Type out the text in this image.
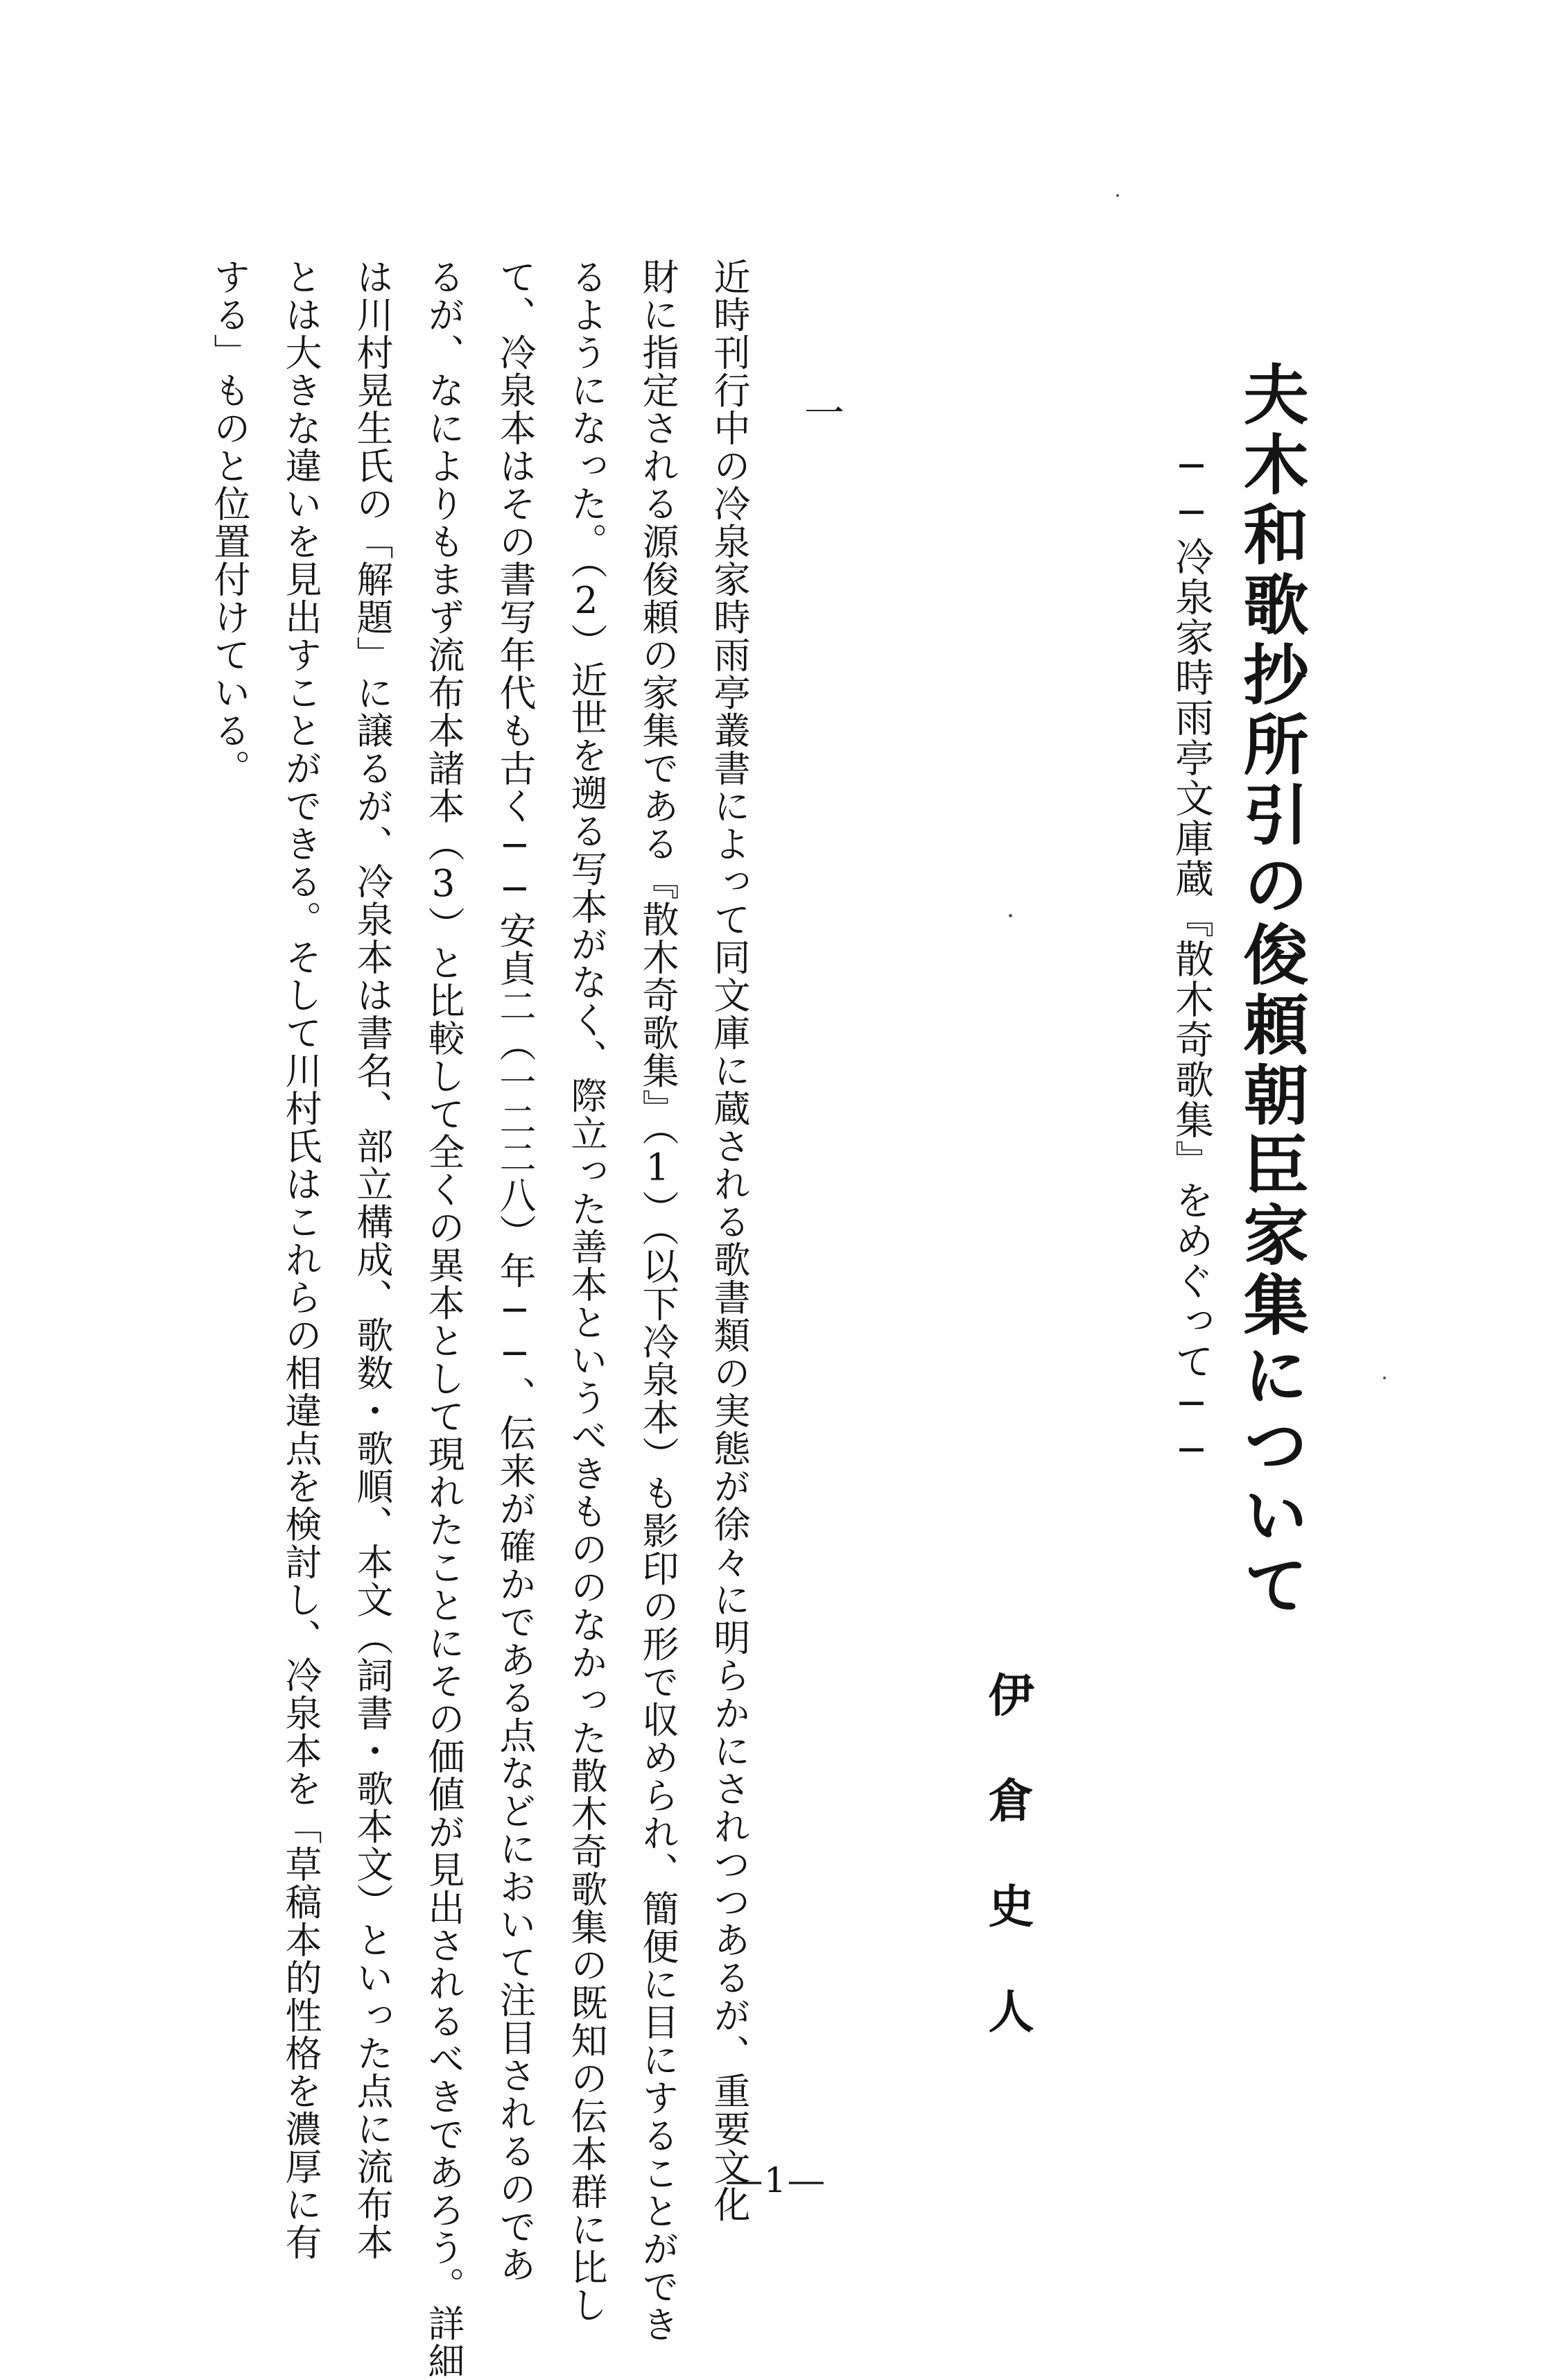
夫木和歌抄所引の俊頼朝臣家集について
──冷泉家時雨亭文庫蔵『散木奇歌集』をめぐって──
伊倉史人
一
近時刊行中の冷泉家時雨亭叢書によって同文庫に蔵される歌書類の実態が徐々に明らかにされつつあるが、重要文化
財に指定される源俊頼の家集である『散木奇歌集』（1）（以下冷泉本）も影印の形で収められ、簡便に目にすることができ
るようになった。（2）近世を遡る写本がなく、際立った善本というべきもののなかった散木奇歌集の既知の伝本群に比し
て、冷泉本はその書写年代も古く──安貞二（一二二八）年──、伝来が確かである点などにおいて注目されるのであ
るが、なによりもまず流布本諸本（3）と比較して全くの異本として現れたことにその価値が見出されるべきであろう。詳細
は川村晃生氏の「解題」に譲るが、冷泉本は書名、部立構成、歌数・歌順、本文（詞書・歌本文）といった点に流布本
とは大きな違いを見出すことができる。そして川村氏はこれらの相違点を検討し、冷泉本を「草稿本的性格を濃厚に有
する」ものと位置付けている。
―1―
